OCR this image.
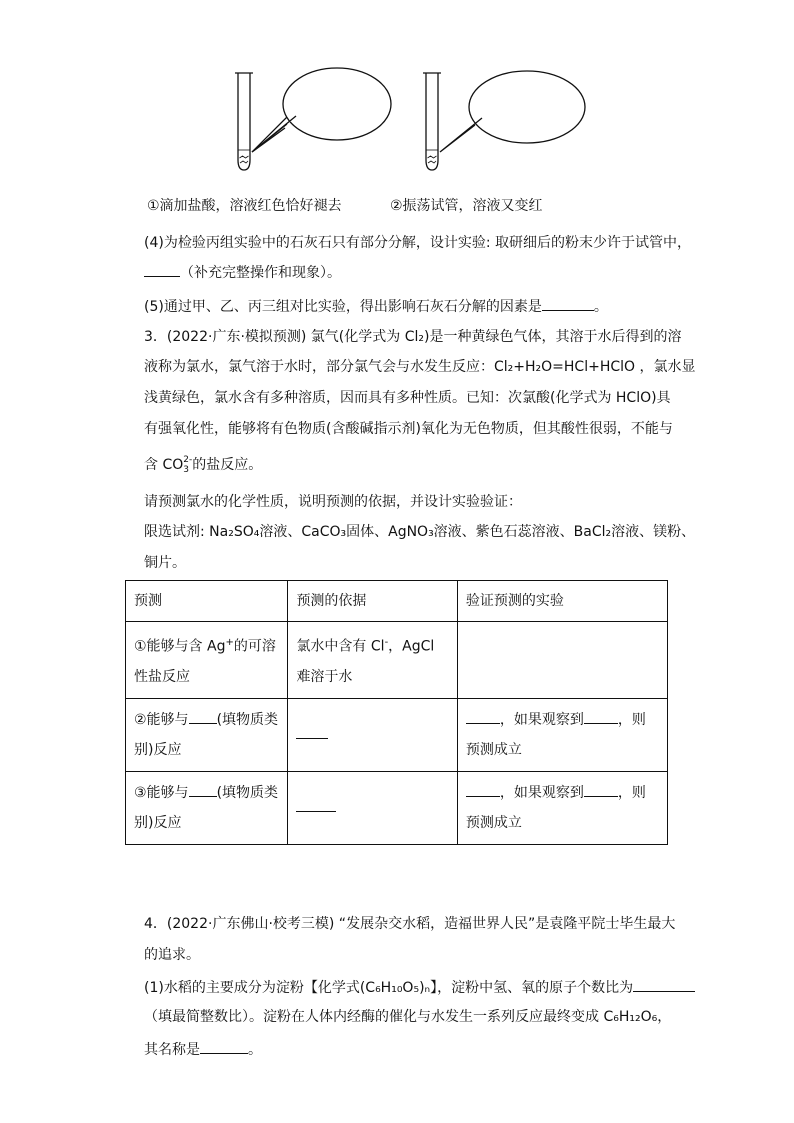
①滴加盐酸，溶液红色恰好褪去	②振荡试管，溶液又变红
(4)为检验丙组实验中的石灰石只有部分分解，设计实验: 取研细后的粉末少许于试管中，
（补充完整操作和现象）。
(5)通过甲、乙、丙三组对比实验，得出影响石灰石分解的因素是	。
3．(2022·广东·模拟预测) 氯气(化学式为 Cl₂)是一种黄绿色气体，其溶于水后得到的溶
液称为氯水，氯气溶于水时，部分氯气会与水发生反应：Cl₂+H₂O=HCl+HClO ，氯水显
浅黄绿色，氯水含有多种溶质，因而具有多种性质。已知：次氯酸(化学式为 HClO)具
有强氧化性，能够将有色物质(含酸碱指示剂)氧化为无色物质，但其酸性很弱，不能与
含 CO 2-
3 的盐反应。
请预测氯水的化学性质，说明预测的依据，并设计实验验证：
限选试剂: Na₂SO₄溶液、CaCO₃固体、AgNO₃溶液、紫色石蕊溶液、BaCl₂溶液、镁粉、
铜片。
预测	预测的依据	验证预测的实验
①能够与含 Ag+的可溶性盐反应	氯水中含有 Cl-，AgCl 难溶于水	
②能够与 (填物质类别)反应		，如果观察到 ，则预测成立
③能够与 (填物质类别)反应		，如果观察到 ，则预测成立
4．(2022·广东佛山·校考三模) “发展杂交水稻，造福世界人民”是袁隆平院士毕生最大
的追求。
(1)水稻的主要成分为淀粉【化学式(C₆H₁₀O₅)ₙ】，淀粉中氢、氧的原子个数比为
（填最简整数比）。淀粉在人体内经酶的催化与水发生一系列反应最终变成 C₆H₁₂O₆，
其名称是	。
